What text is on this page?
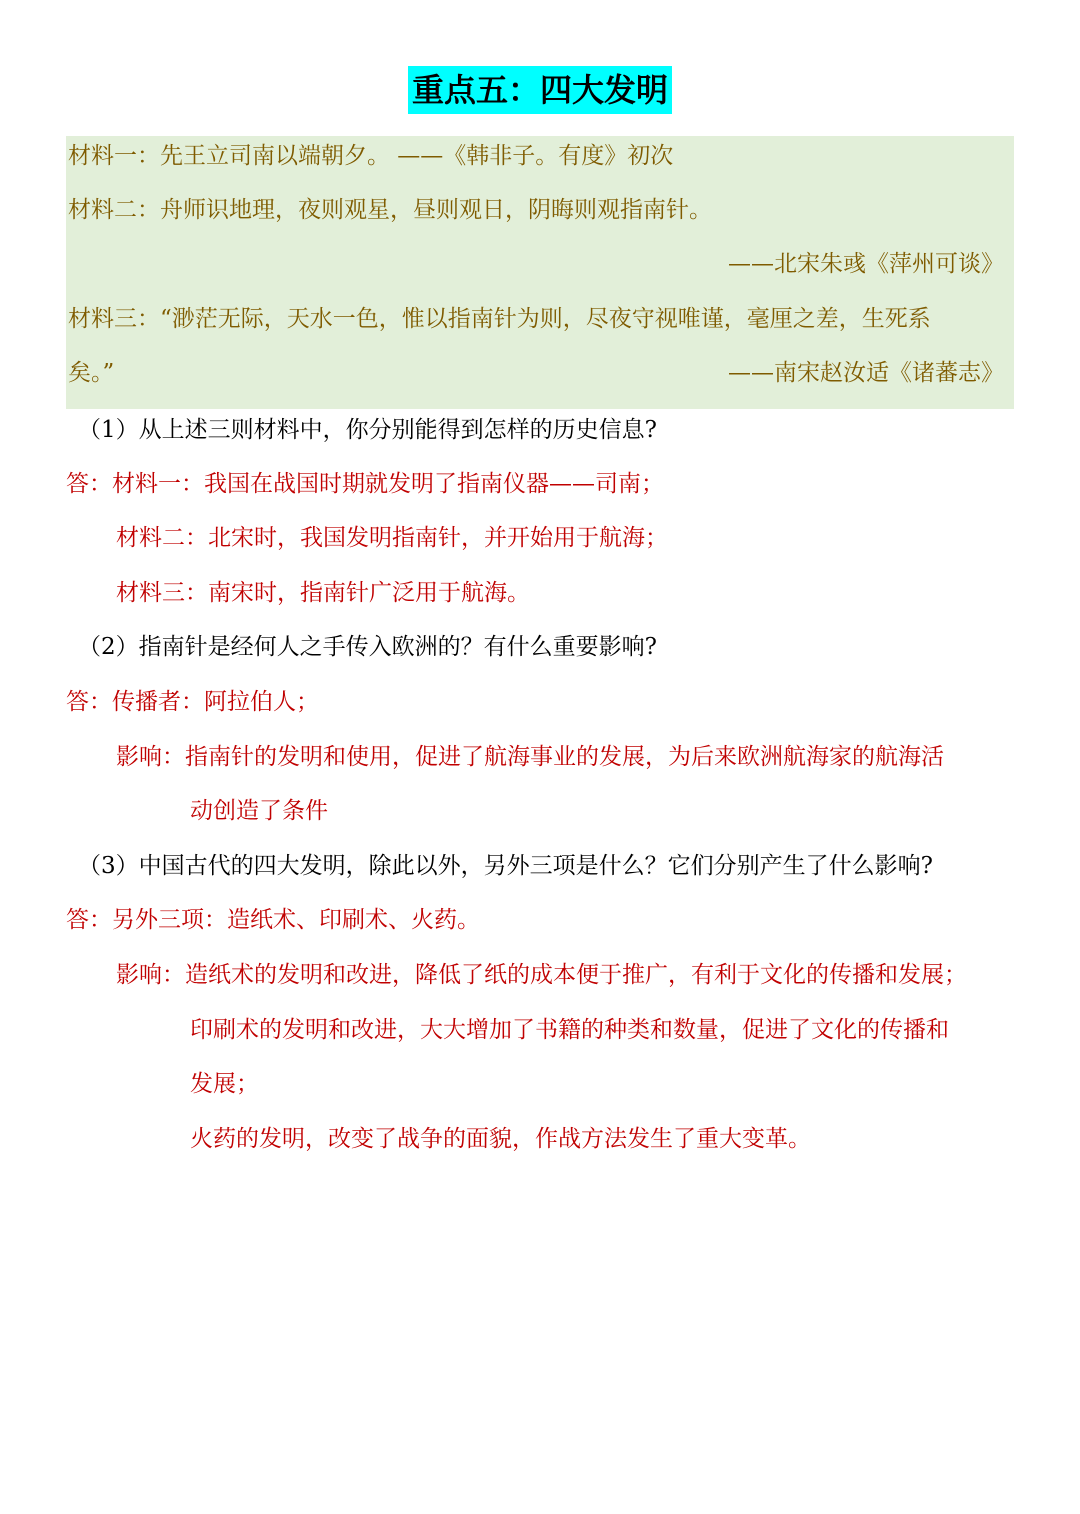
重点五：四大发明
材料一：先王立司南以端朝夕。 ——《韩非子。有度》初次
材料二：舟师识地理，夜则观星，昼则观日，阴晦则观指南针。
——北宋朱彧《萍州可谈》
材料三：“渺茫无际，天水一色，惟以指南针为则，尽夜守视唯谨，毫厘之差，生死系
矣。”	——南宋赵汝适《诸蕃志》
（1）从上述三则材料中，你分别能得到怎样的历史信息?
答：材料一：我国在战国时期就发明了指南仪器——司南；
材料二：北宋时，我国发明指南针，并开始用于航海；
材料三：南宋时，指南针广泛用于航海。
（2）指南针是经何人之手传入欧洲的？有什么重要影响?
答：传播者：阿拉伯人；
影响：指南针的发明和使用，促进了航海事业的发展，为后来欧洲航海家的航海活
动创造了条件
（3）中国古代的四大发明，除此以外，另外三项是什么？它们分别产生了什么影响?
答：另外三项：造纸术、印刷术、火药。
影响：造纸术的发明和改进，降低了纸的成本便于推广，有利于文化的传播和发展；
印刷术的发明和改进，大大增加了书籍的种类和数量，促进了文化的传播和
发展；
火药的发明，改变了战争的面貌，作战方法发生了重大变革。
